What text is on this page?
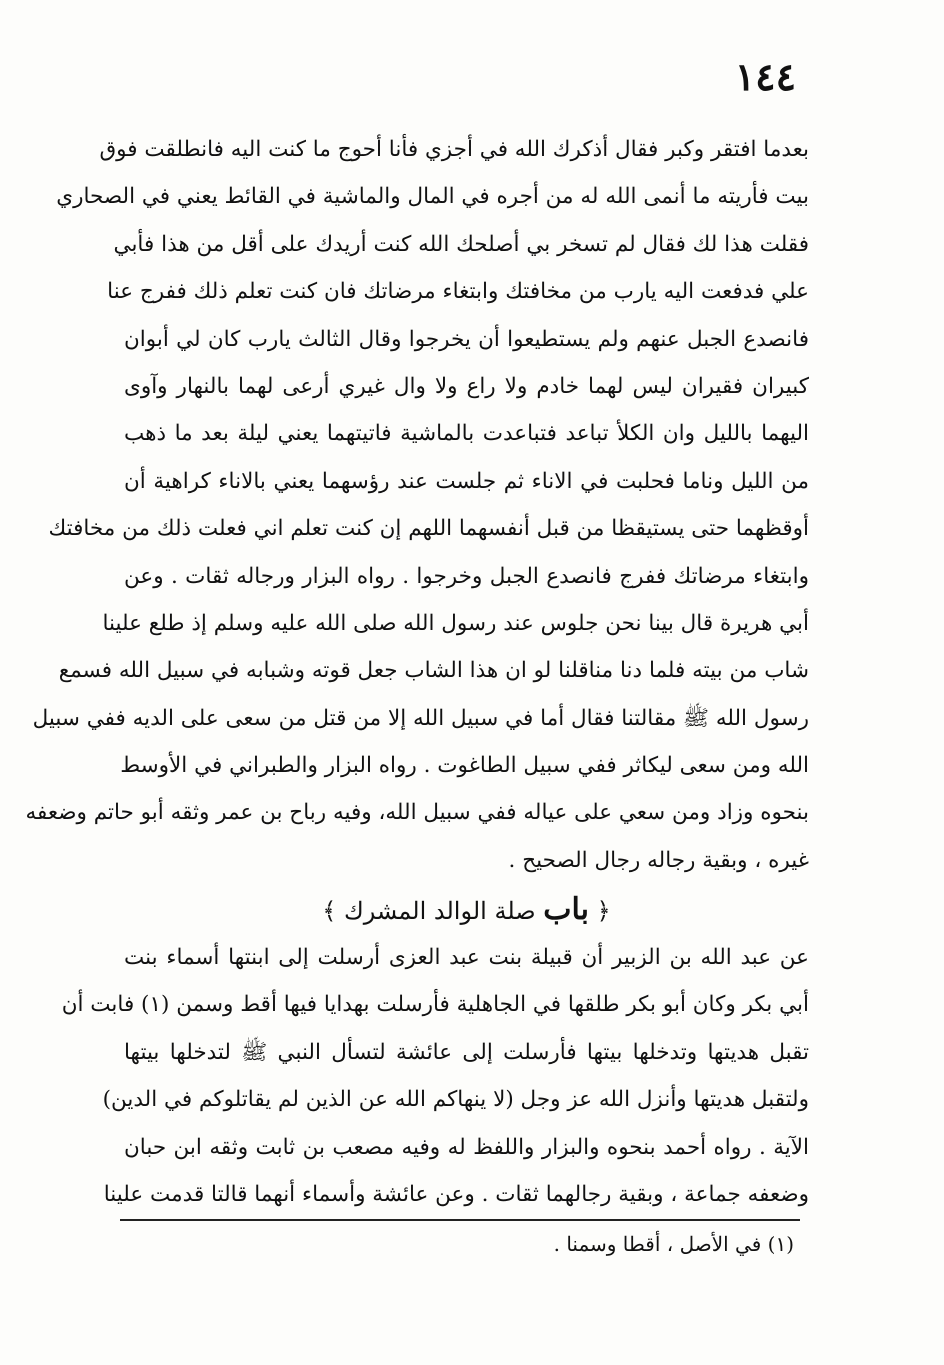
١٤٤
بعدما افتقر وكبر فقال أذكرك الله في أجزي فأنا أحوج ما كنت اليه فانطلقت فوق
بيت فأريته ما أنمى الله له من أجره في المال والماشية في القائط يعني في الصحاري
فقلت هذا لك فقال لم تسخر بي أصلحك الله كنت أريدك على أقل من هذا فأبي
علي فدفعت اليه يارب من مخافتك وابتغاء مرضاتك فان كنت تعلم ذلك ففرج عنا
فانصدع الجبل عنهم ولم يستطيعوا أن يخرجوا وقال الثالث يارب كان لي أبوان
كبيران فقيران ليس لهما خادم ولا راع ولا وال غيري أرعى لهما بالنهار وآوى
اليهما بالليل وان الكلأ تباعد فتباعدت بالماشية فاتيتهما يعني ليلة بعد ما ذهب
من الليل وناما فحلبت في الاناء ثم جلست عند رؤسهما يعني بالاناء كراهية أن
أوقظهما حتى يستيقظا من قبل أنفسهما اللهم إن كنت تعلم اني فعلت ذلك من مخافتك
وابتغاء مرضاتك ففرج فانصدع الجبل وخرجوا . رواه البزار ورجاله ثقات . وعن
أبي هريرة قال بينا نحن جلوس عند رسول الله صلى الله عليه وسلم إذ طلع علينا
شاب من بيته فلما دنا مناقلنا لو ان هذا الشاب جعل قوته وشبابه في سبيل الله فسمع
رسول الله ﷺ مقالتنا فقال أما في سبيل الله إلا من قتل من سعى على الديه ففي سبيل
الله ومن سعى ليكاثر ففي سبيل الطاغوت . رواه البزار والطبراني في الأوسط
بنحوه وزاد ومن سعي على عياله ففي سبيل الله، وفيه رباح بن عمر وثقه أبو حاتم وضعفه
غيره ، وبقية رجاله رجال الصحيح .
﴿ باب صلة الوالد المشرك ﴾
عن عبد الله بن الزبير أن قبيلة بنت عبد العزى أرسلت إلى ابنتها أسماء بنت
أبي بكر وكان أبو بكر طلقها في الجاهلية فأرسلت بهدايا فيها أقط وسمن (١) فابت أن
تقبل هديتها وتدخلها بيتها فأرسلت إلى عائشة لتسأل النبي ﷺ لتدخلها بيتها
ولتقبل هديتها وأنزل الله عز وجل (لا ينهاكم الله عن الذين لم يقاتلوكم في الدين)
الآية . رواه أحمد بنحوه والبزار واللفظ له وفيه مصعب بن ثابت وثقه ابن حبان
وضعفه جماعة ، وبقية رجالهما ثقات . وعن عائشة وأسماء أنهما قالتا قدمت علينا
(١) في الأصل ، أقطا وسمنا .
